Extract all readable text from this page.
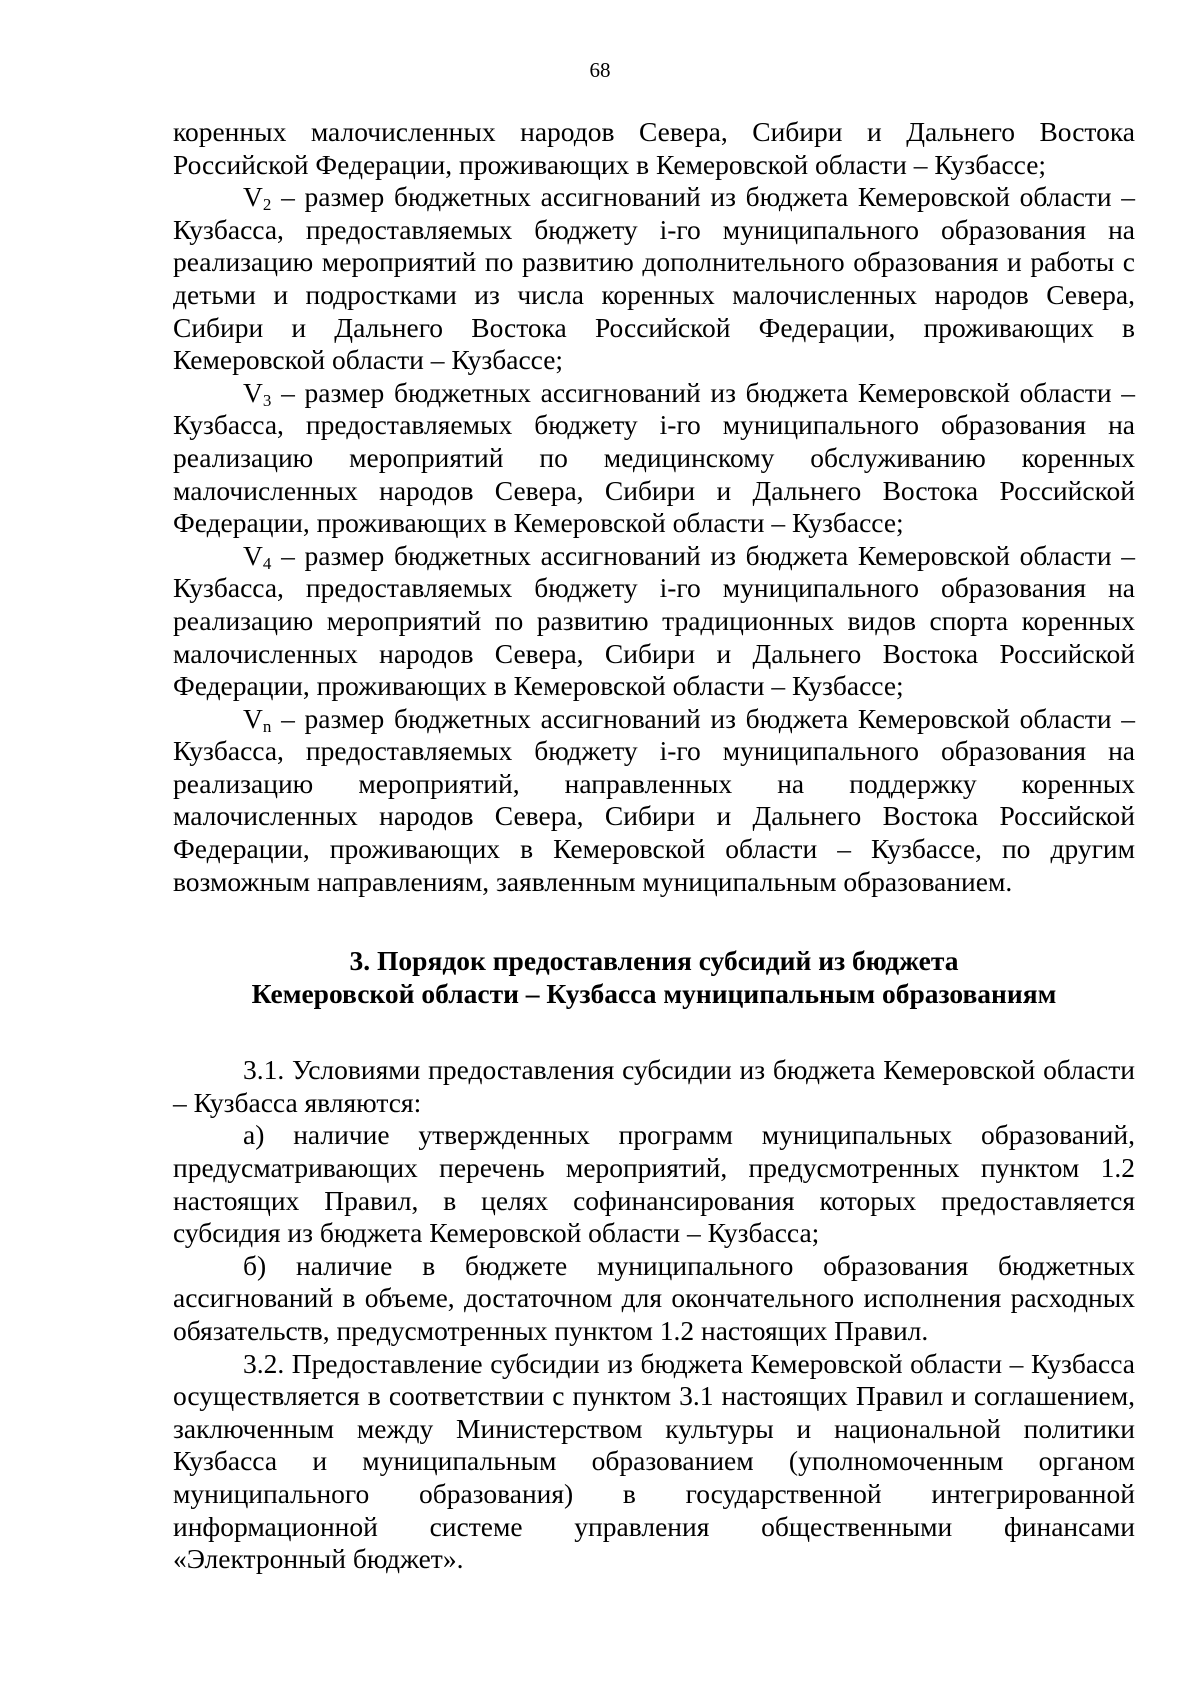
68

коренных малочисленных народов Севера, Сибири и Дальнего Востока Российской Федерации, проживающих в Кемеровской области – Кузбассе;

$V_2$ – размер бюджетных ассигнований из бюджета Кемеровской области – Кузбасса, предоставляемых бюджету i-го муниципального образования на реализацию мероприятий по развитию дополнительного образования и работы с детьми и подростками из числа коренных малочисленных народов Севера, Сибири и Дальнего Востока Российской Федерации, проживающих в Кемеровской области – Кузбассе;

$V_3$ – размер бюджетных ассигнований из бюджета Кемеровской области – Кузбасса, предоставляемых бюджету i-го муниципального образования на реализацию мероприятий по медицинскому обслуживанию коренных малочисленных народов Севера, Сибири и Дальнего Востока Российской Федерации, проживающих в Кемеровской области – Кузбассе;

$V_4$ – размер бюджетных ассигнований из бюджета Кемеровской области – Кузбасса, предоставляемых бюджету i-го муниципального образования на реализацию мероприятий по развитию традиционных видов спорта коренных малочисленных народов Севера, Сибири и Дальнего Востока Российской Федерации, проживающих в Кемеровской области – Кузбассе;

$V_n$ – размер бюджетных ассигнований из бюджета Кемеровской области – Кузбасса, предоставляемых бюджету i-го муниципального образования на реализацию мероприятий, направленных на поддержку коренных малочисленных народов Севера, Сибири и Дальнего Востока Российской Федерации, проживающих в Кемеровской области – Кузбассе, по другим возможным направлениям, заявленным муниципальным образованием.

3. Порядок предоставления субсидий из бюджета
Кемеровской области – Кузбасса муниципальным образованиям

3.1. Условиями предоставления субсидии из бюджета Кемеровской области – Кузбасса являются:

а) наличие утвержденных программ муниципальных образований, предусматривающих перечень мероприятий, предусмотренных пунктом 1.2 настоящих Правил, в целях софинансирования которых предоставляется субсидия из бюджета Кемеровской области – Кузбасса;

б) наличие в бюджете муниципального образования бюджетных ассигнований в объеме, достаточном для окончательного исполнения расходных обязательств, предусмотренных пунктом 1.2 настоящих Правил.

3.2. Предоставление субсидии из бюджета Кемеровской области – Кузбасса осуществляется в соответствии с пунктом 3.1 настоящих Правил и соглашением, заключенным между Министерством культуры и национальной политики Кузбасса и муниципальным образованием (уполномоченным органом муниципального образования) в государственной интегрированной информационной системе управления общественными финансами «Электронный бюджет».
